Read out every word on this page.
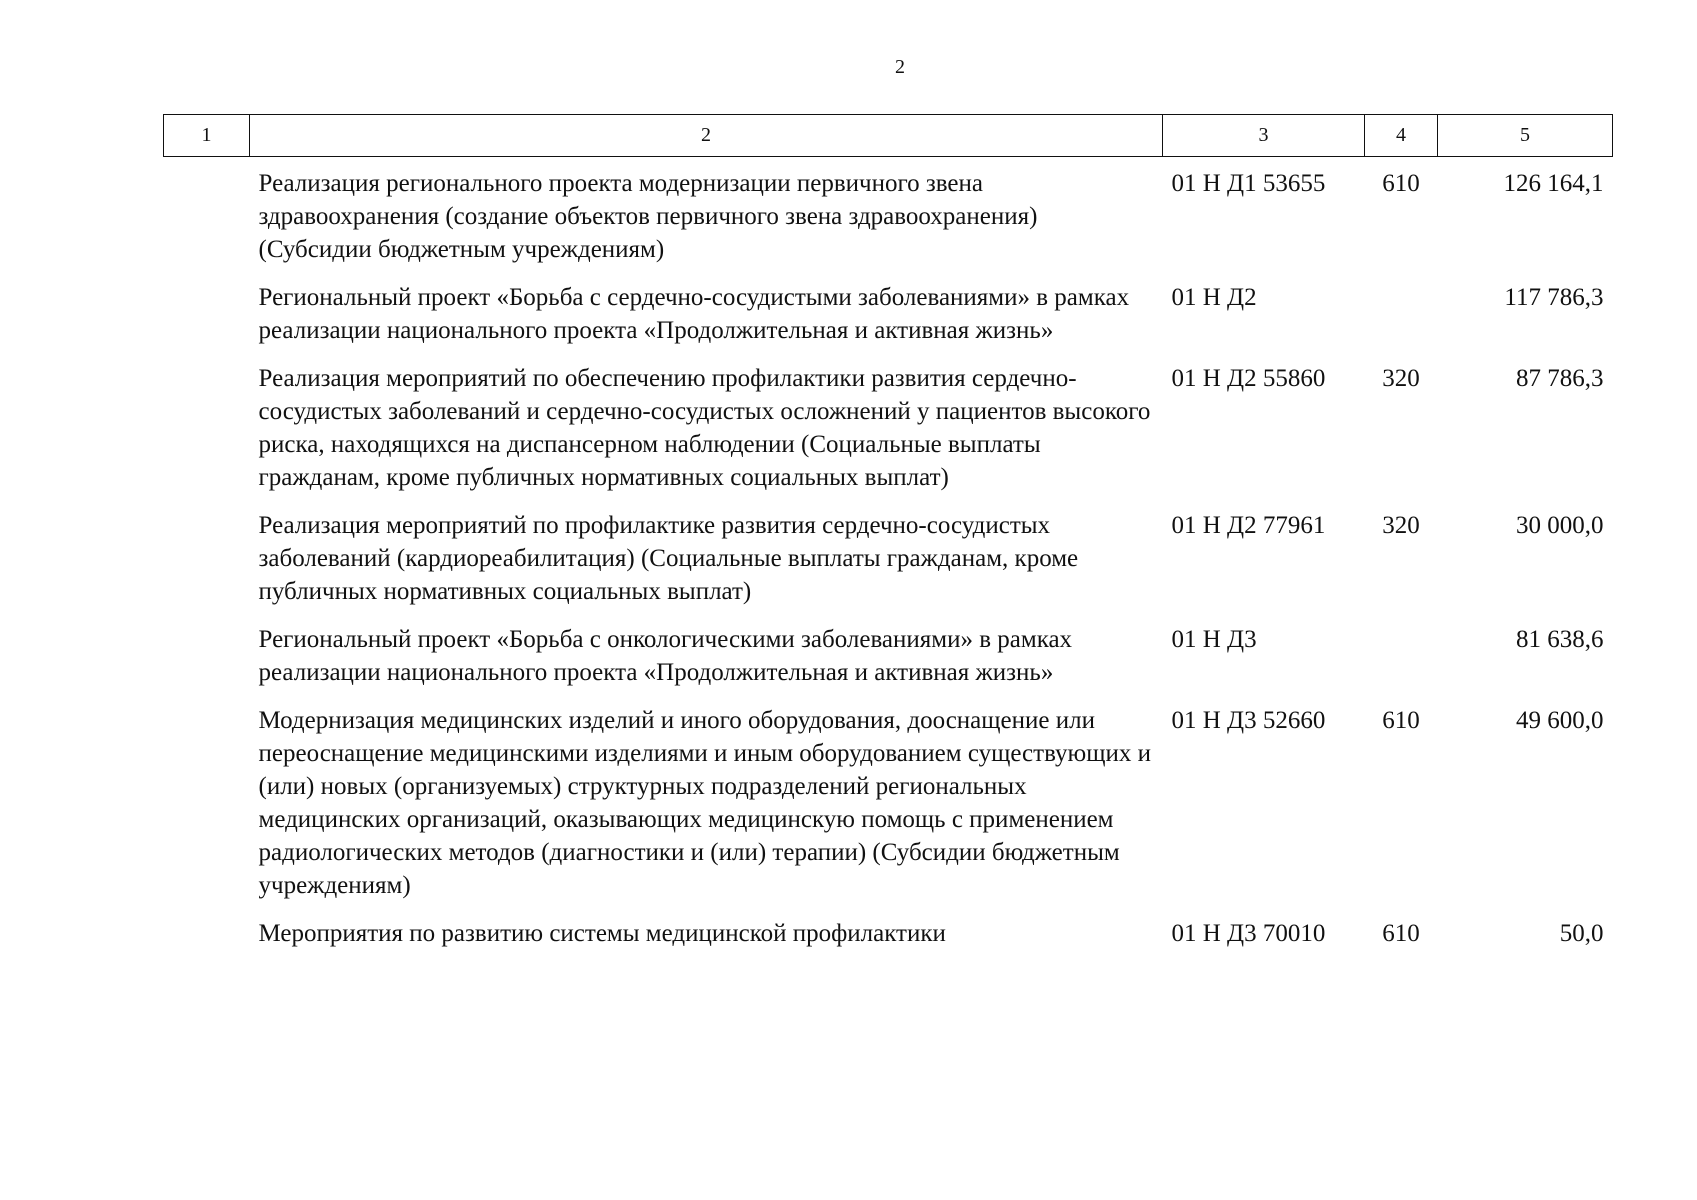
2
1	2	3	4	5
	Реализация регионального проекта модернизации первичного звена здравоохранения (создание объектов первичного звена здравоохранения) (Субсидии бюджетным учреждениям)	01 Н Д1 53655	610	126 164,1
	Региональный проект «Борьба с сердечно-сосудистыми заболеваниями» в рамках реализации национального проекта «Продолжительная и активная жизнь»	01 Н Д2		117 786,3
	Реализация мероприятий по обеспечению профилактики развития сердечно-сосудистых заболеваний и сердечно-сосудистых осложнений у пациентов высокого риска, находящихся на диспансерном наблюдении (Социальные выплаты гражданам, кроме публичных нормативных социальных выплат)	01 Н Д2 55860	320	87 786,3
	Реализация мероприятий по профилактике развития сердечно-сосудистых заболеваний (кардиореабилитация) (Социальные выплаты гражданам, кроме публичных нормативных социальных выплат)	01 Н Д2 77961	320	30 000,0
	Региональный проект «Борьба с онкологическими заболеваниями» в рамках реализации национального проекта «Продолжительная и активная жизнь»	01 Н Д3		81 638,6
	Модернизация медицинских изделий и иного оборудования, дооснащение или переоснащение медицинскими изделиями и иным оборудованием существующих и (или) новых (организуемых) структурных подразделений региональных медицинских организаций, оказывающих медицинскую помощь с применением радиологических методов (диагностики и (или) терапии) (Субсидии бюджетным учреждениям)	01 Н Д3 52660	610	49 600,0
	Мероприятия по развитию системы медицинской профилактики	01 Н Д3 70010	610	50,0
